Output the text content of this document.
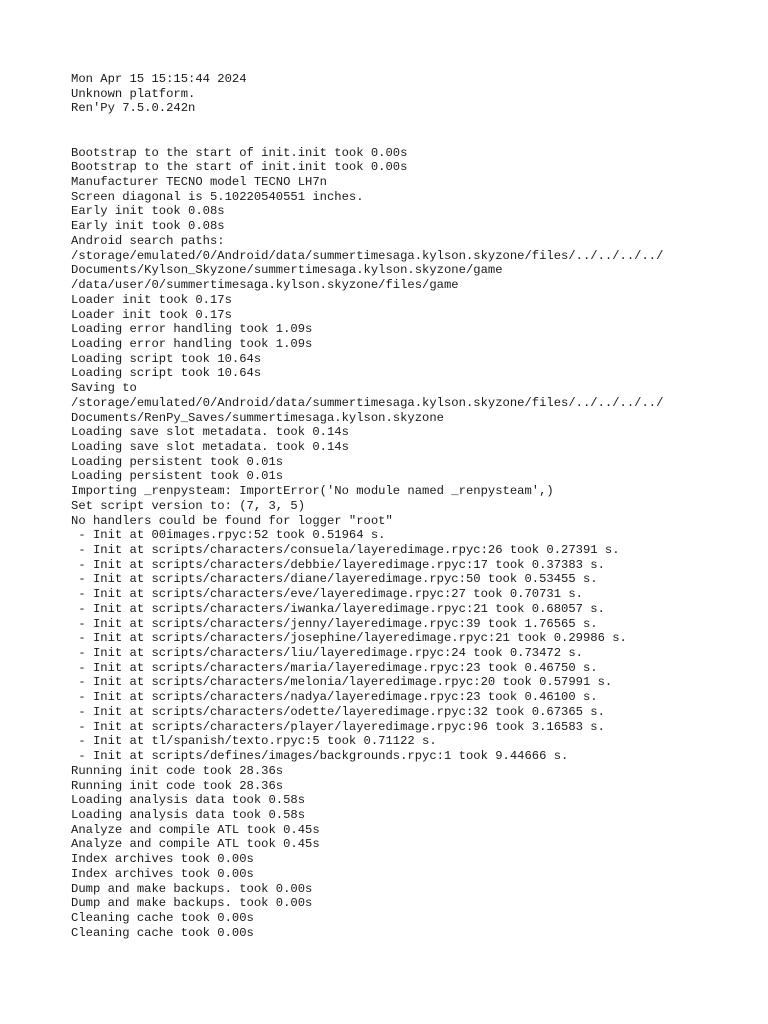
Mon Apr 15 15:15:44 2024
Unknown platform.
Ren'Py 7.5.0.242n
Bootstrap to the start of init.init took 0.00s
Bootstrap to the start of init.init took 0.00s
Manufacturer TECNO model TECNO LH7n
Screen diagonal is 5.10220540551 inches.
Early init took 0.08s
Early init took 0.08s
Android search paths:
/storage/emulated/0/Android/data/summertimesaga.kylson.skyzone/files/../../../../
Documents/Kylson_Skyzone/summertimesaga.kylson.skyzone/game
/data/user/0/summertimesaga.kylson.skyzone/files/game
Loader init took 0.17s
Loader init took 0.17s
Loading error handling took 1.09s
Loading error handling took 1.09s
Loading script took 10.64s
Loading script took 10.64s
Saving to
/storage/emulated/0/Android/data/summertimesaga.kylson.skyzone/files/../../../../
Documents/RenPy_Saves/summertimesaga.kylson.skyzone
Loading save slot metadata. took 0.14s
Loading save slot metadata. took 0.14s
Loading persistent took 0.01s
Loading persistent took 0.01s
Importing _renpysteam: ImportError('No module named _renpysteam',)
Set script version to: (7, 3, 5)
No handlers could be found for logger "root"
- Init at 00images.rpyc:52 took 0.51964 s.
- Init at scripts/characters/consuela/layeredimage.rpyc:26 took 0.27391 s.
- Init at scripts/characters/debbie/layeredimage.rpyc:17 took 0.37383 s.
- Init at scripts/characters/diane/layeredimage.rpyc:50 took 0.53455 s.
- Init at scripts/characters/eve/layeredimage.rpyc:27 took 0.70731 s.
- Init at scripts/characters/iwanka/layeredimage.rpyc:21 took 0.68057 s.
- Init at scripts/characters/jenny/layeredimage.rpyc:39 took 1.76565 s.
- Init at scripts/characters/josephine/layeredimage.rpyc:21 took 0.29986 s.
- Init at scripts/characters/liu/layeredimage.rpyc:24 took 0.73472 s.
- Init at scripts/characters/maria/layeredimage.rpyc:23 took 0.46750 s.
- Init at scripts/characters/melonia/layeredimage.rpyc:20 took 0.57991 s.
- Init at scripts/characters/nadya/layeredimage.rpyc:23 took 0.46100 s.
- Init at scripts/characters/odette/layeredimage.rpyc:32 took 0.67365 s.
- Init at scripts/characters/player/layeredimage.rpyc:96 took 3.16583 s.
- Init at tl/spanish/texto.rpyc:5 took 0.71122 s.
- Init at scripts/defines/images/backgrounds.rpyc:1 took 9.44666 s.
Running init code took 28.36s
Running init code took 28.36s
Loading analysis data took 0.58s
Loading analysis data took 0.58s
Analyze and compile ATL took 0.45s
Analyze and compile ATL took 0.45s
Index archives took 0.00s
Index archives took 0.00s
Dump and make backups. took 0.00s
Dump and make backups. took 0.00s
Cleaning cache took 0.00s
Cleaning cache took 0.00s
